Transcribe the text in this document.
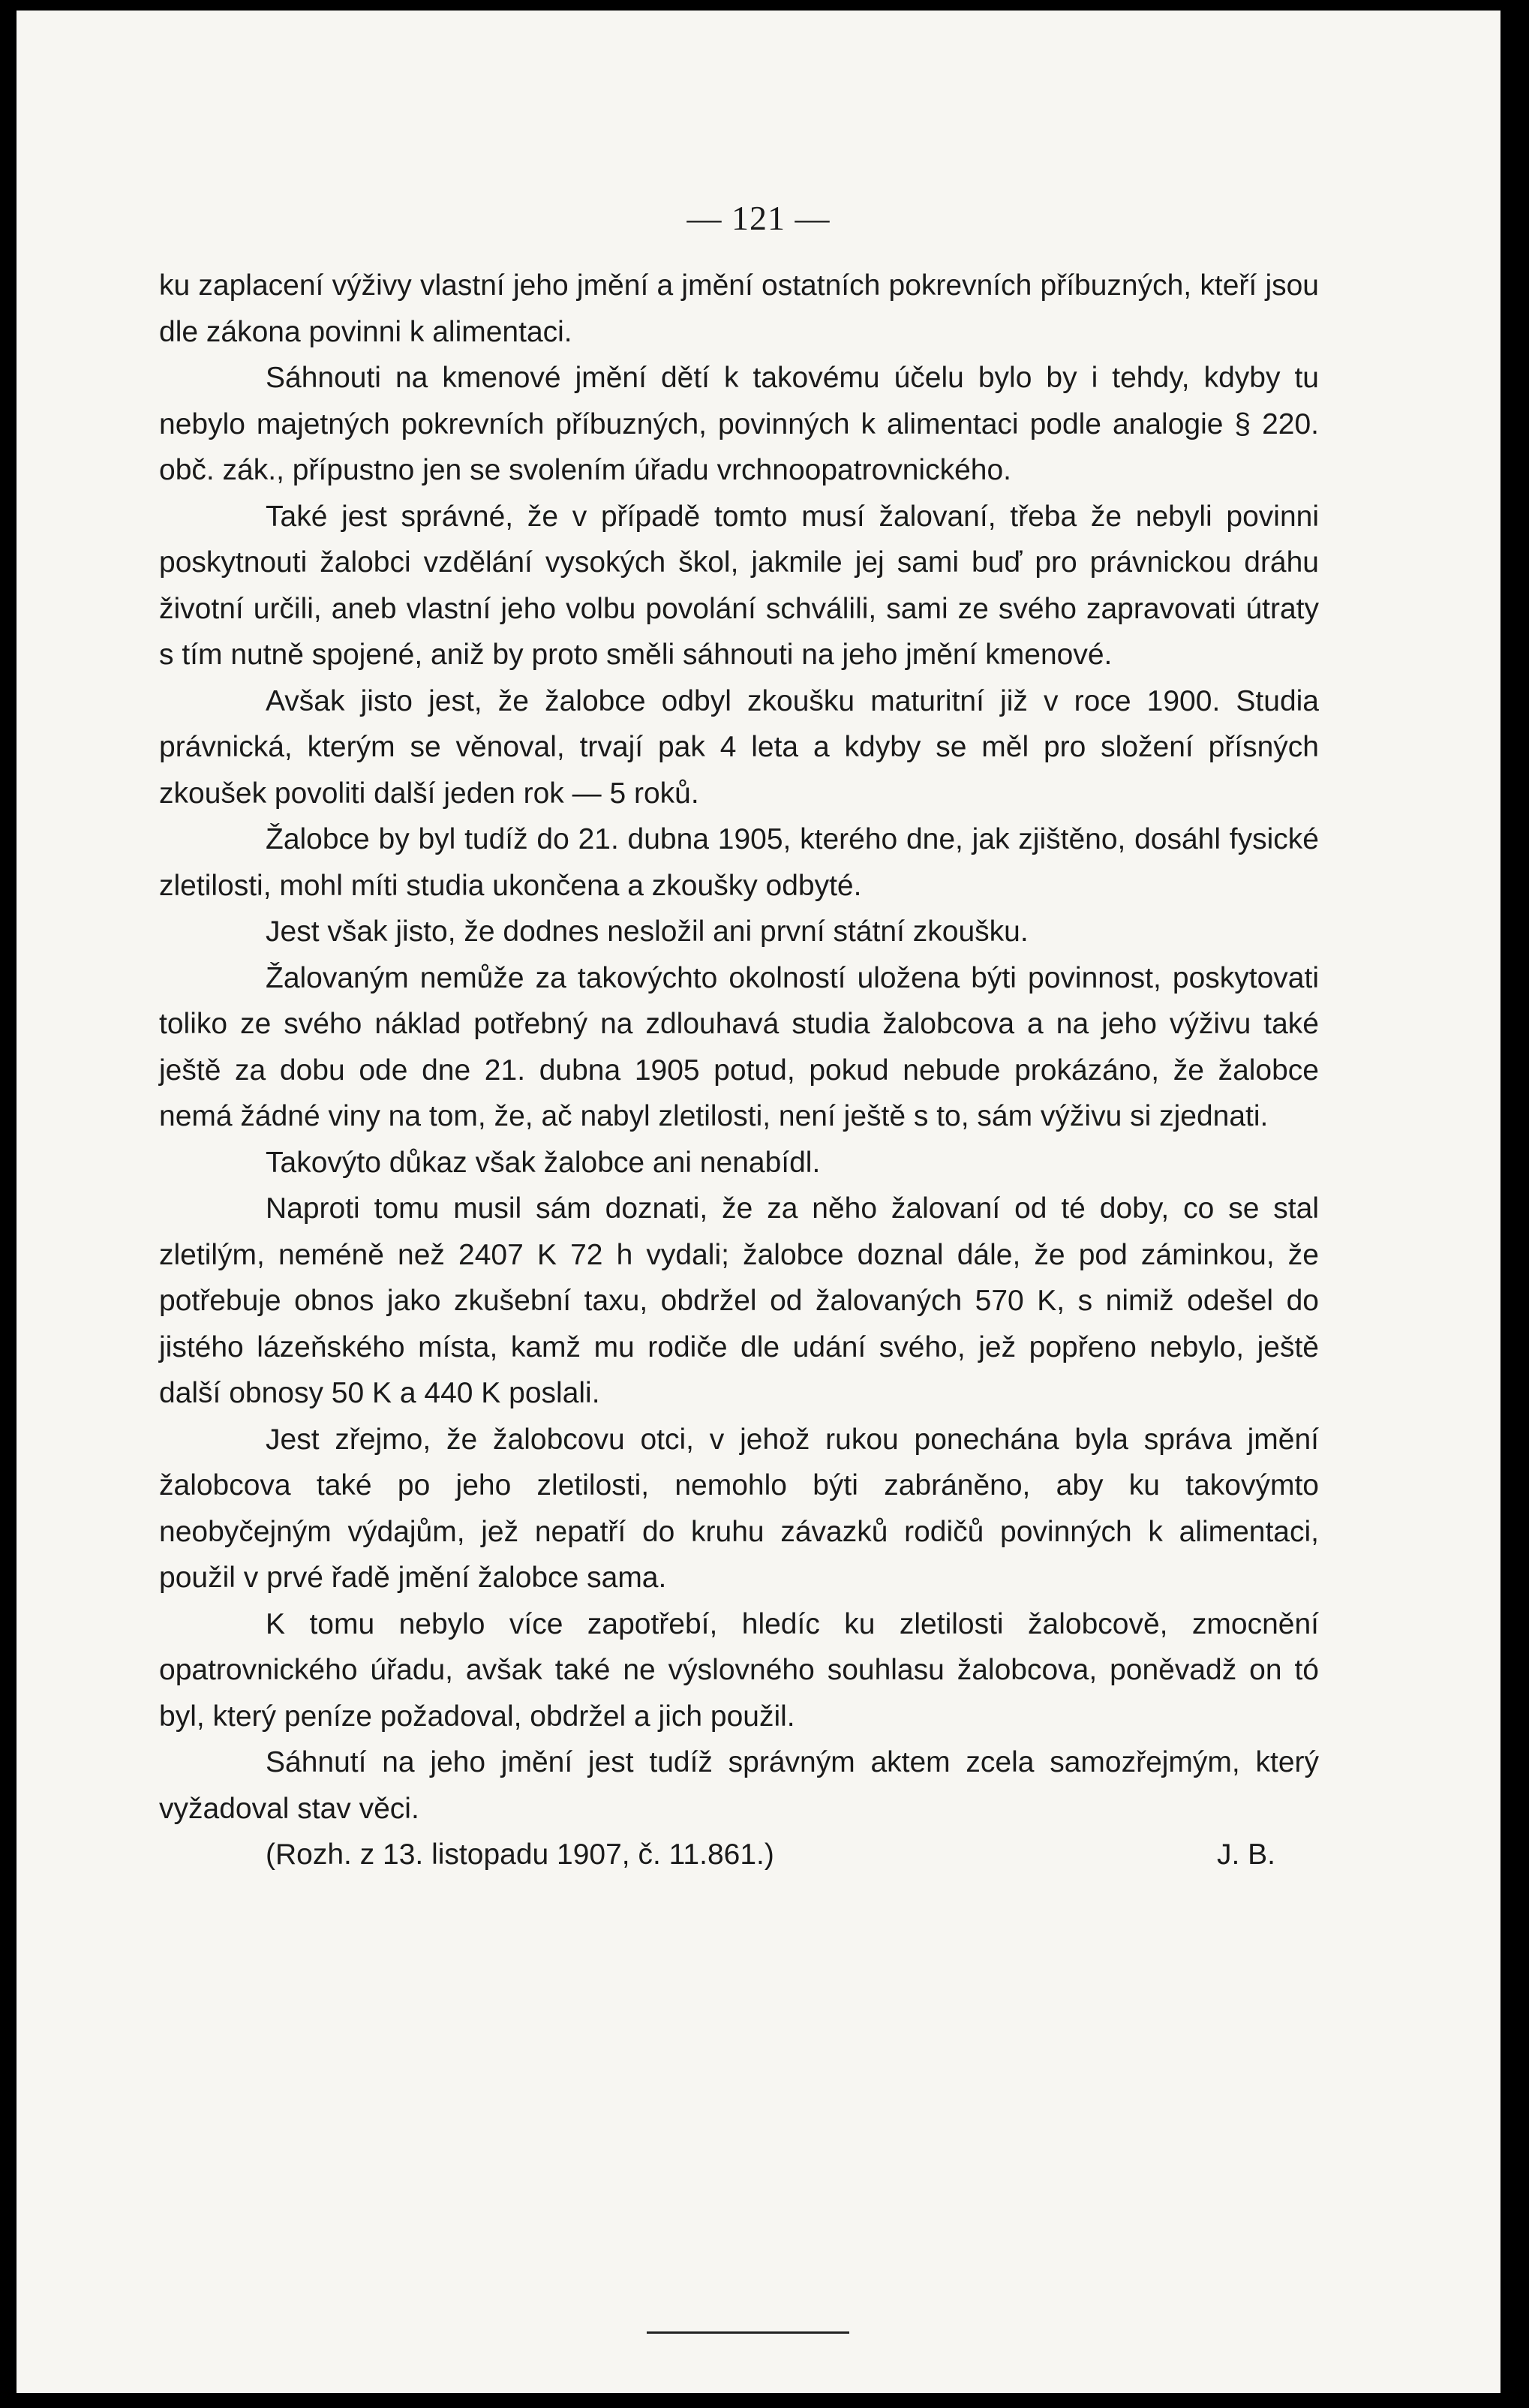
— 121 —

ku zaplacení výživy vlastní jeho jmění a jmění ostatních pokrevních příbuzných, kteří jsou dle zákona povinni k alimentaci.

Sáhnouti na kmenové jmění dětí k takovému účelu bylo by i tehdy, kdyby tu nebylo majetných pokrevních příbuzných, povinných k alimentaci podle analogie § 220. obč. zák., přípustno jen se svolením úřadu vrchnoopatrovnického.

Také jest správné, že v případě tomto musí žalovaní, třeba že nebyli povinni poskytnouti žalobci vzdělání vysokých škol, jakmile jej sami buď pro právnickou dráhu životní určili, aneb vlastní jeho volbu povolání schválili, sami ze svého zapravovati útraty s tím nutně spojené, aniž by proto směli sáhnouti na jeho jmění kmenové.

Avšak jisto jest, že žalobce odbyl zkoušku maturitní již v roce 1900. Studia právnická, kterým se věnoval, trvají pak 4 leta a kdyby se měl pro složení přísných zkoušek povoliti další jeden rok — 5 roků.

Žalobce by byl tudíž do 21. dubna 1905, kterého dne, jak zjištěno, dosáhl fysické zletilosti, mohl míti studia ukončena a zkoušky odbyté.

Jest však jisto, že dodnes nesložil ani první státní zkoušku.

Žalovaným nemůže za takovýchto okolností uložena býti povinnost, poskytovati toliko ze svého náklad potřebný na zdlouhavá studia žalobcova a na jeho výživu také ještě za dobu ode dne 21. dubna 1905 potud, pokud nebude prokázáno, že žalobce nemá žádné viny na tom, že, ač nabyl zletilosti, není ještě s to, sám výživu si zjednati.

Takovýto důkaz však žalobce ani nenabídl.

Naproti tomu musil sám doznati, že za něho žalovaní od té doby, co se stal zletilým, neméně než 2407 K 72 h vydali; žalobce doznal dále, že pod záminkou, že potřebuje obnos jako zkušební taxu, obdržel od žalovaných 570 K, s nimiž odešel do jistého lázeňského místa, kamž mu rodiče dle udání svého, jež popřeno nebylo, ještě další obnosy 50 K a 440 K poslali.

Jest zřejmo, že žalobcovu otci, v jehož rukou ponechána byla správa jmění žalobcova také po jeho zletilosti, nemohlo býti zabráněno, aby ku takovýmto neobyčejným výdajům, jež nepatří do kruhu závazků rodičů povinných k alimentaci, použil v prvé řadě jmění žalobce sama.

K tomu nebylo více zapotřebí, hledíc ku zletilosti žalobcově, zmocnění opatrovnického úřadu, avšak také ne výslovného souhlasu žalobcova, poněvadž on tó byl, který peníze požadoval, obdržel a jich použil.

Sáhnutí na jeho jmění jest tudíž správným aktem zcela samozřejmým, který vyžadoval stav věci.

(Rozh. z 13. listopadu 1907, č. 11.861.)	J. B.
